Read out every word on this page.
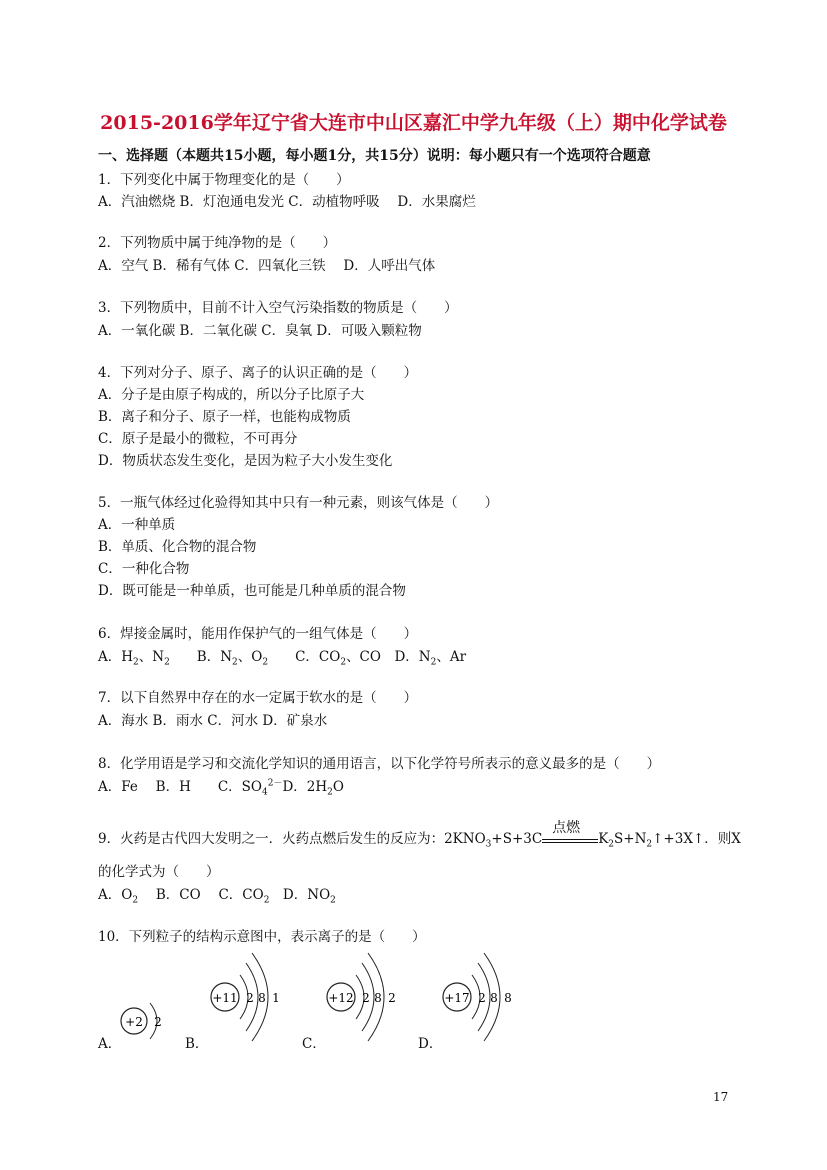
2015-2016学年辽宁省大连市中山区嘉汇中学九年级（上）期中化学试卷
一、选择题（本题共15小题，每小题1分，共15分）说明：每小题只有一个选项符合题意
1．下列变化中属于物理变化的是（　　）
A．汽油燃烧 B．灯泡通电发光 C．动植物呼吸　 D．水果腐烂
2．下列物质中属于纯净物的是（　　）
A．空气 B．稀有气体 C．四氧化三铁　 D．人呼出气体
3．下列物质中，目前不计入空气污染指数的物质是（　　）
A．一氧化碳 B．二氧化碳 C．臭氧 D．可吸入颗粒物
4．下列对分子、原子、离子的认识正确的是（　　）
A．分子是由原子构成的，所以分子比原子大
B．离子和分子、原子一样，也能构成物质
C．原子是最小的微粒，不可再分
D．物质状态发生变化，是因为粒子大小发生变化
5．一瓶气体经过化验得知其中只有一种元素，则该气体是（　　）
A．一种单质
B．单质、化合物的混合物
C．一种化合物
D．既可能是一种单质，也可能是几种单质的混合物
6．焊接金属时，能用作保护气的一组气体是（　　）
A．$H_2$、$N_2$　　B．$N_2$、$O_2$　　C．$CO_2$、CO　D．$N_2$、Ar
7．以下自然界中存在的水一定属于软水的是（　　）
A．海水 B．雨水 C．河水 D．矿泉水
8．化学用语是学习和交流化学知识的通用语言，以下化学符号所表示的意义最多的是（　　）
A．Fe　 B．H　　C．$SO_4^{2-}D$．$2H_2O$
9．火药是古代四大发明之一．火药点燃后发生的反应为：$2KNO_3+S+3C$
点燃
$K_2S+N_2↑+3X↑$．则X
的化学式为（　　）
A．$O_2$　 B．CO　 C．$CO_2$　D．$NO_2$
10．下列粒子的结构示意图中，表示离子的是（　　）
A．	B．	C．	D．
+2 2
+11 2 8 1	+12 2 8 2	+17 2 8 8
17
